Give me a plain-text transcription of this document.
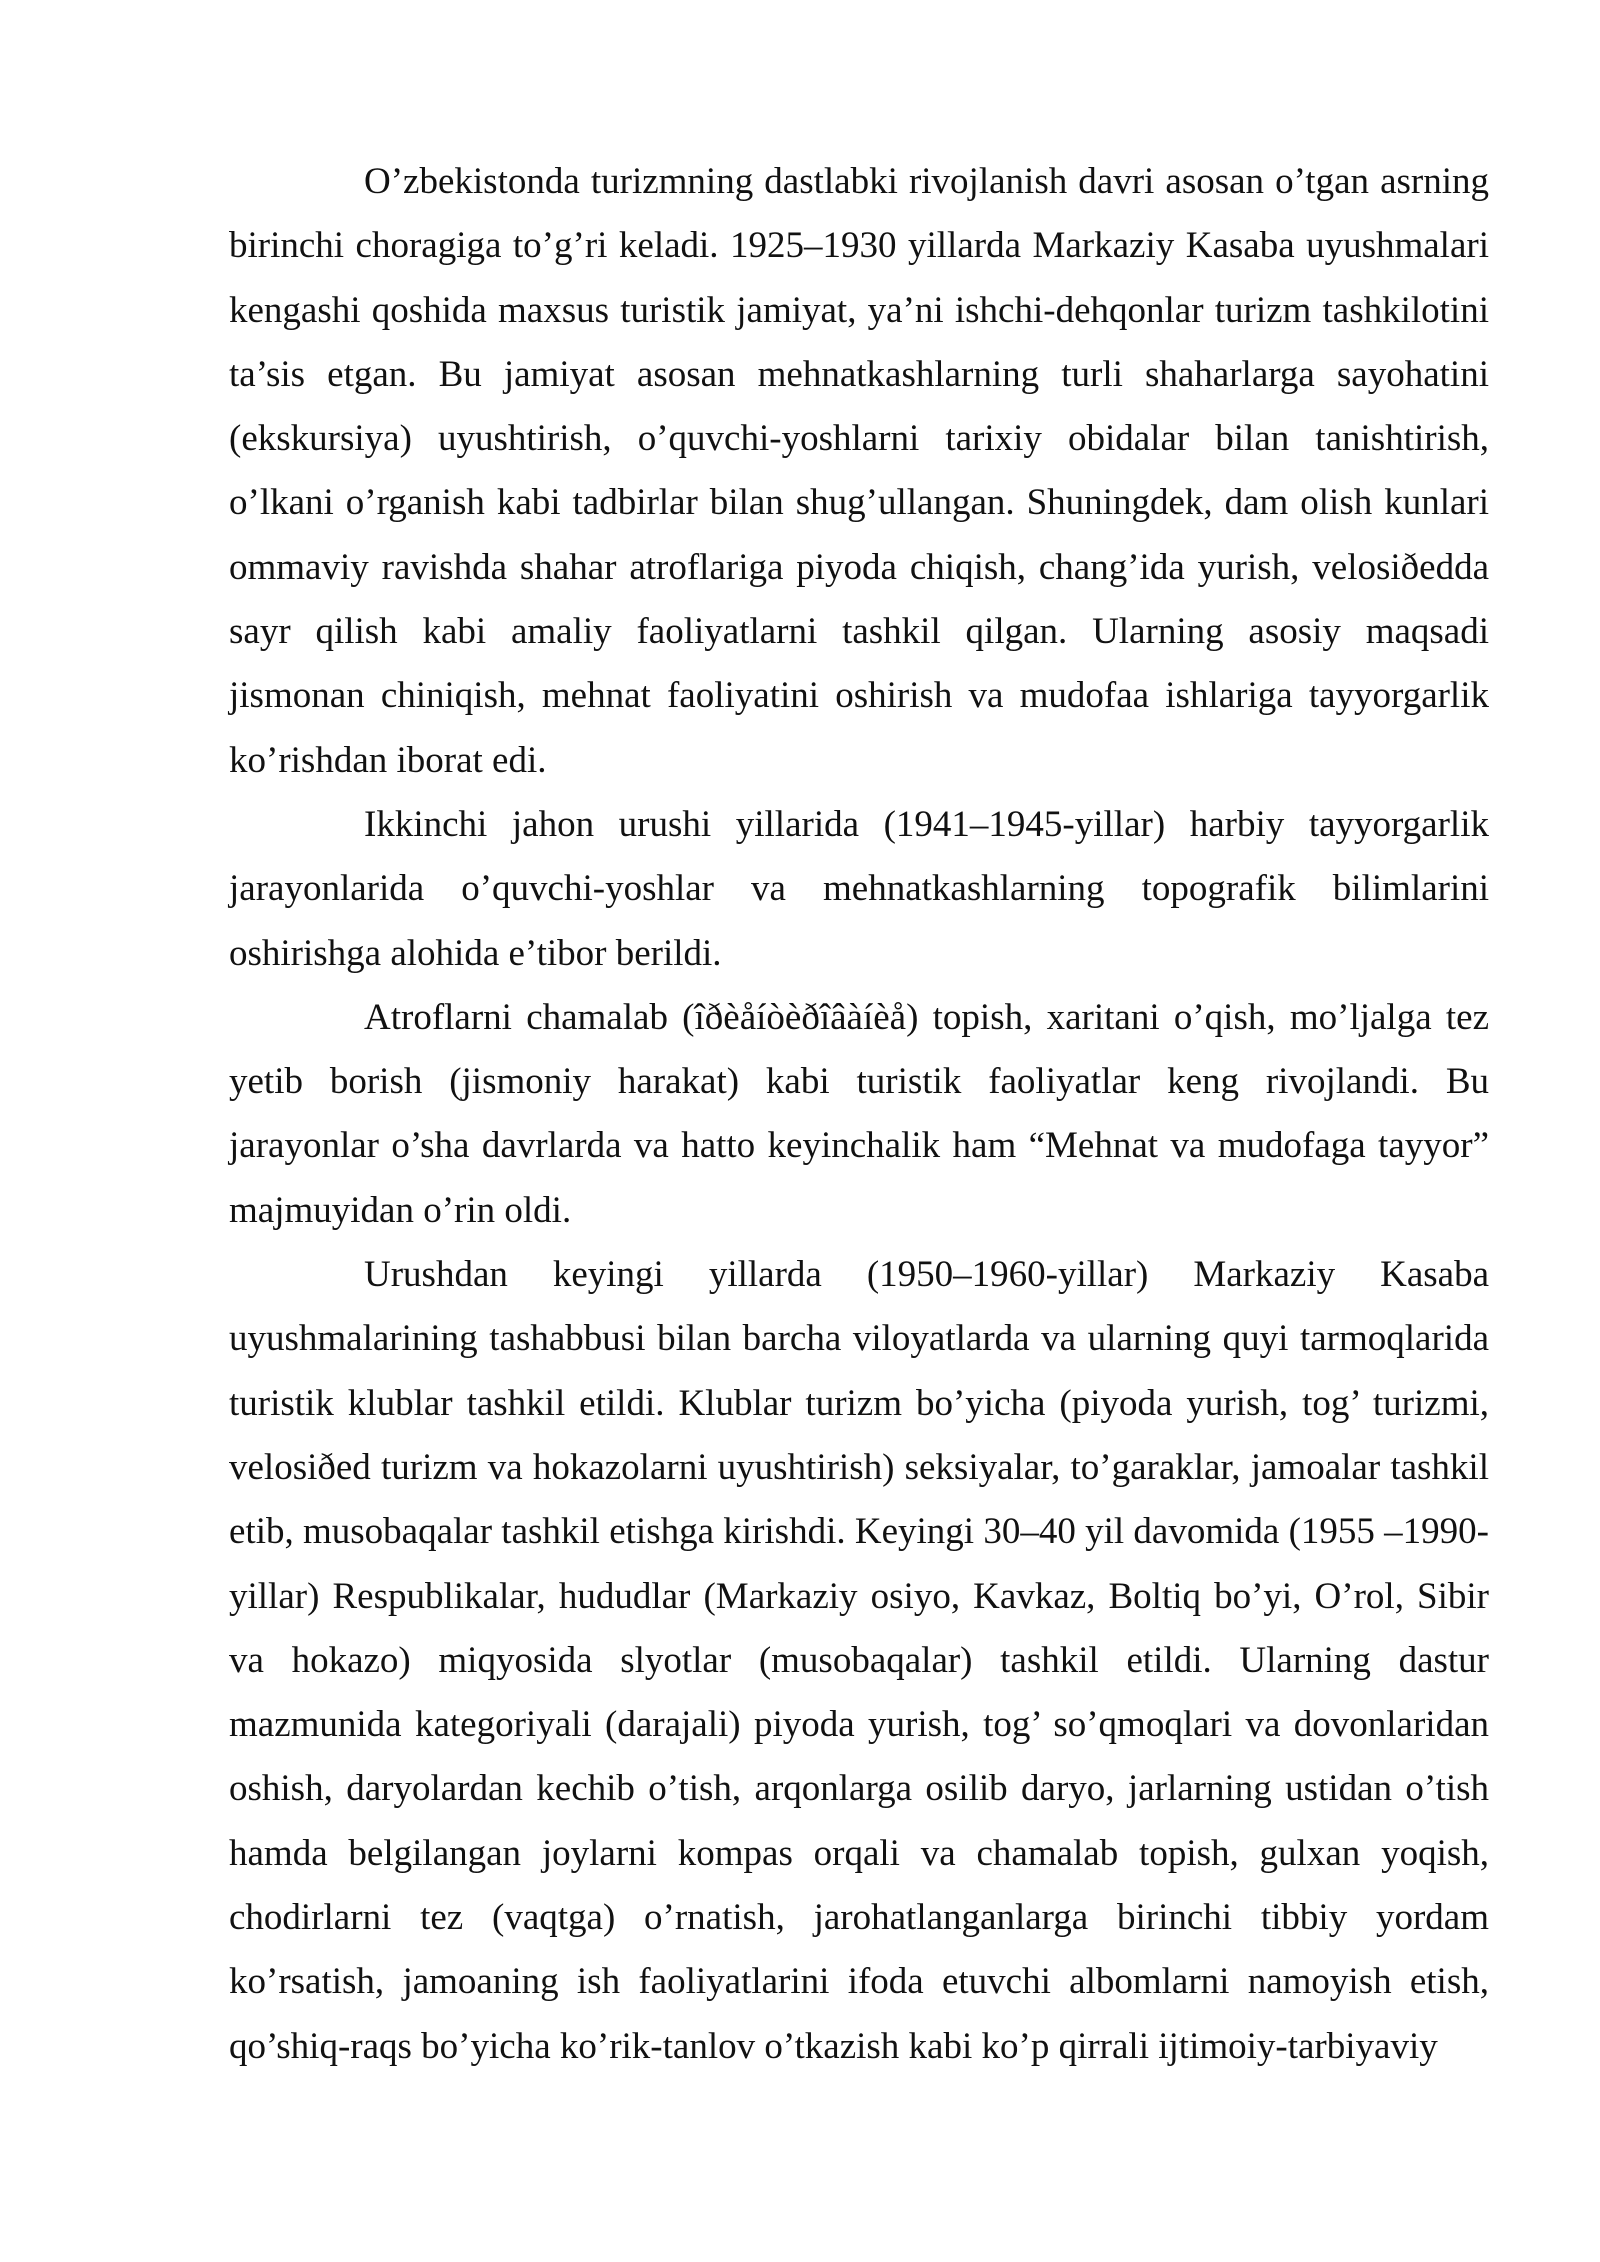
O’zbekistonda turizmning dastlabki rivojlanish davri asosan o’tgan asrning birinchi choragiga to’g’ri keladi. 1925–1930 yillarda Markaziy Kasaba uyushmalari kengashi qoshida maxsus turistik jamiyat, ya’ni ishchi-dehqonlar turizm tashkilotini ta’sis etgan. Bu jamiyat asosan mehnatkashlarning turli shaharlarga sayohatini (ekskursiya) uyushtirish, o’quvchi-yoshlarni tarixiy obidalar bilan tanishtirish, o’lkani o’rganish kabi tadbirlar bilan shug’ullangan. Shuningdek, dam olish kunlari ommaviy ravishda shahar atroflariga piyoda chiqish, chang’ida yurish, velosiðedda sayr qilish kabi amaliy faoliyatlarni tashkil qilgan. Ularning asosiy maqsadi jismonan chiniqish, mehnat faoliyatini oshirish va mudofaa ishlariga tayyorgarlik ko’rishdan iborat edi.

Ikkinchi jahon urushi yillarida (1941–1945-yillar) harbiy tayyorgarlik jarayonlarida o’quvchi-yoshlar va mehnatkashlarning topografik bilimlarini oshirishga alohida e’tibor berildi.

Atroflarni chamalab (îðèåíòèðîâàíèå) topish, xaritani o’qish, mo’ljalga tez yetib borish (jismoniy harakat) kabi turistik faoliyatlar keng rivojlandi. Bu jarayonlar o’sha davrlarda va hatto keyinchalik ham “Mehnat va mudofaga tayyor” majmuyidan o’rin oldi.

Urushdan keyingi yillarda (1950–1960-yillar) Markaziy Kasaba uyushmalarining tashabbusi bilan barcha viloyatlarda va ularning quyi tarmoqlarida turistik klublar tashkil etildi. Klublar turizm bo’yicha (piyoda yurish, tog’ turizmi, velosiðed turizm va hokazolarni uyushtirish) seksiyalar, to’garaklar, jamoalar tashkil etib, musobaqalar tashkil etishga kirishdi. Keyingi 30–40 yil davomida (1955 –1990-yillar) Respublikalar, hududlar (Markaziy osiyo, Kavkaz, Boltiq bo’yi, O’rol, Sibir va hokazo) miqyosida slyotlar (musobaqalar) tashkil etildi. Ularning dastur mazmunida kategoriyali (darajali) piyoda yurish, tog’ so’qmoqlari va dovonlaridan oshish, daryolardan kechib o’tish, arqonlarga osilib daryo, jarlarning ustidan o’tish hamda belgilangan joylarni kompas orqali va chamalab topish, gulxan yoqish, chodirlarni tez (vaqtga) o’rnatish, jarohatlanganlarga birinchi tibbiy yordam ko’rsatish, jamoaning ish faoliyatlarini ifoda etuvchi albomlarni namoyish etish, qo’shiq-raqs bo’yicha ko’rik-tanlov o’tkazish kabi ko’p qirrali ijtimoiy-tarbiyaviy
